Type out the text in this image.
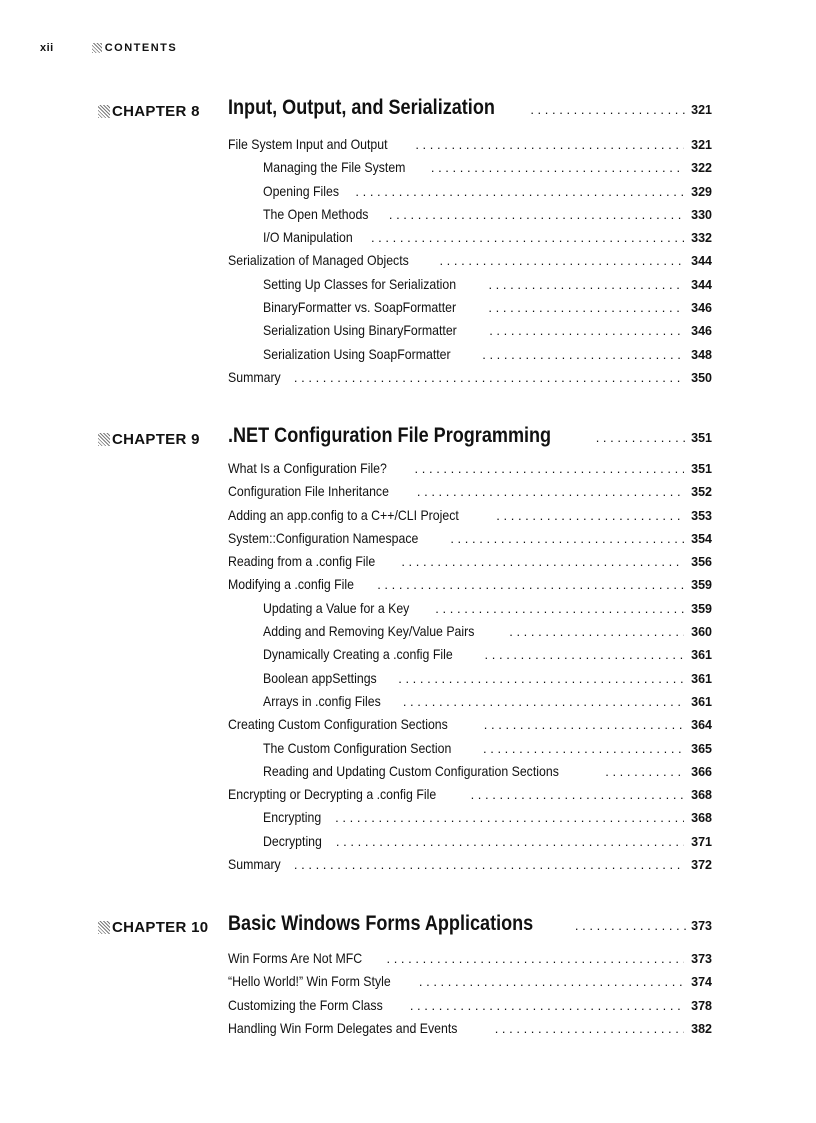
xii	CONTENTS
CHAPTER 8 Input, Output, and Serialization . . .	321
File System Input and Output . . .	321
Managing the File System . . .	322
Opening Files . . .	329
The Open Methods . . .	330
I/O Manipulation . . .	332
Serialization of Managed Objects . . .	344
Setting Up Classes for Serialization . . .	344
BinaryFormatter vs. SoapFormatter . . .	346
Serialization Using BinaryFormatter . . .	346
Serialization Using SoapFormatter . . .	348
Summary . . .	350
CHAPTER 9 .NET Configuration File Programming . . .	351
What Is a Configuration File? . . .	351
Configuration File Inheritance . . .	352
Adding an app.config to a C++/CLI Project . . .	353
System::Configuration Namespace . . .	354
Reading from a .config File . . .	356
Modifying a .config File . . .	359
Updating a Value for a Key . . .	359
Adding and Removing Key/Value Pairs . . .	360
Dynamically Creating a .config File . . .	361
Boolean appSettings . . .	361
Arrays in .config Files . . .	361
Creating Custom Configuration Sections . . .	364
The Custom Configuration Section . . .	365
Reading and Updating Custom Configuration Sections . . .	366
Encrypting or Decrypting a .config File . . .	368
Encrypting . . .	368
Decrypting . . .	371
Summary . . .	372
CHAPTER 10 Basic Windows Forms Applications . . .	373
Win Forms Are Not MFC . . .	373
“Hello World!” Win Form Style . . .	374
Customizing the Form Class . . .	378
Handling Win Form Delegates and Events . . .	382
